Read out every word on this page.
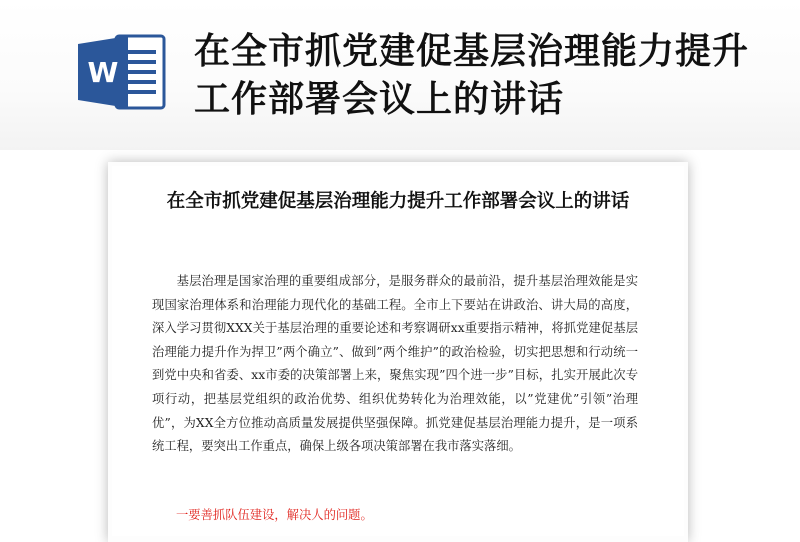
W
在全市抓党建促基层治理能力提升工作部署会议上的讲话
在全市抓党建促基层治理能力提升工作部署会议上的讲话

基层治理是国家治理的重要组成部分，是服务群众的最前沿，提升基层治理效能是实现国家治理体系和治理能力现代化的基础工程。全市上下要站在讲政治、讲大局的高度，深入学习贯彻XXX关于基层治理的重要论述和考察调研xx重要指示精神，将抓党建促基层治理能力提升作为捍卫”两个确立”、做到”两个维护”的政治检验，切实把思想和行动统一到党中央和省委、xx市委的决策部署上来，聚焦实现”四个进一步”目标，扎实开展此次专项行动，把基层党组织的政治优势、组织优势转化为治理效能，以”党建优”引领”治理优”，为XX全方位推动高质量发展提供坚强保障。抓党建促基层治理能力提升，是一项系统工程，要突出工作重点，确保上级各项决策部署在我市落实落细。

一要善抓队伍建设，解决人的问题。
